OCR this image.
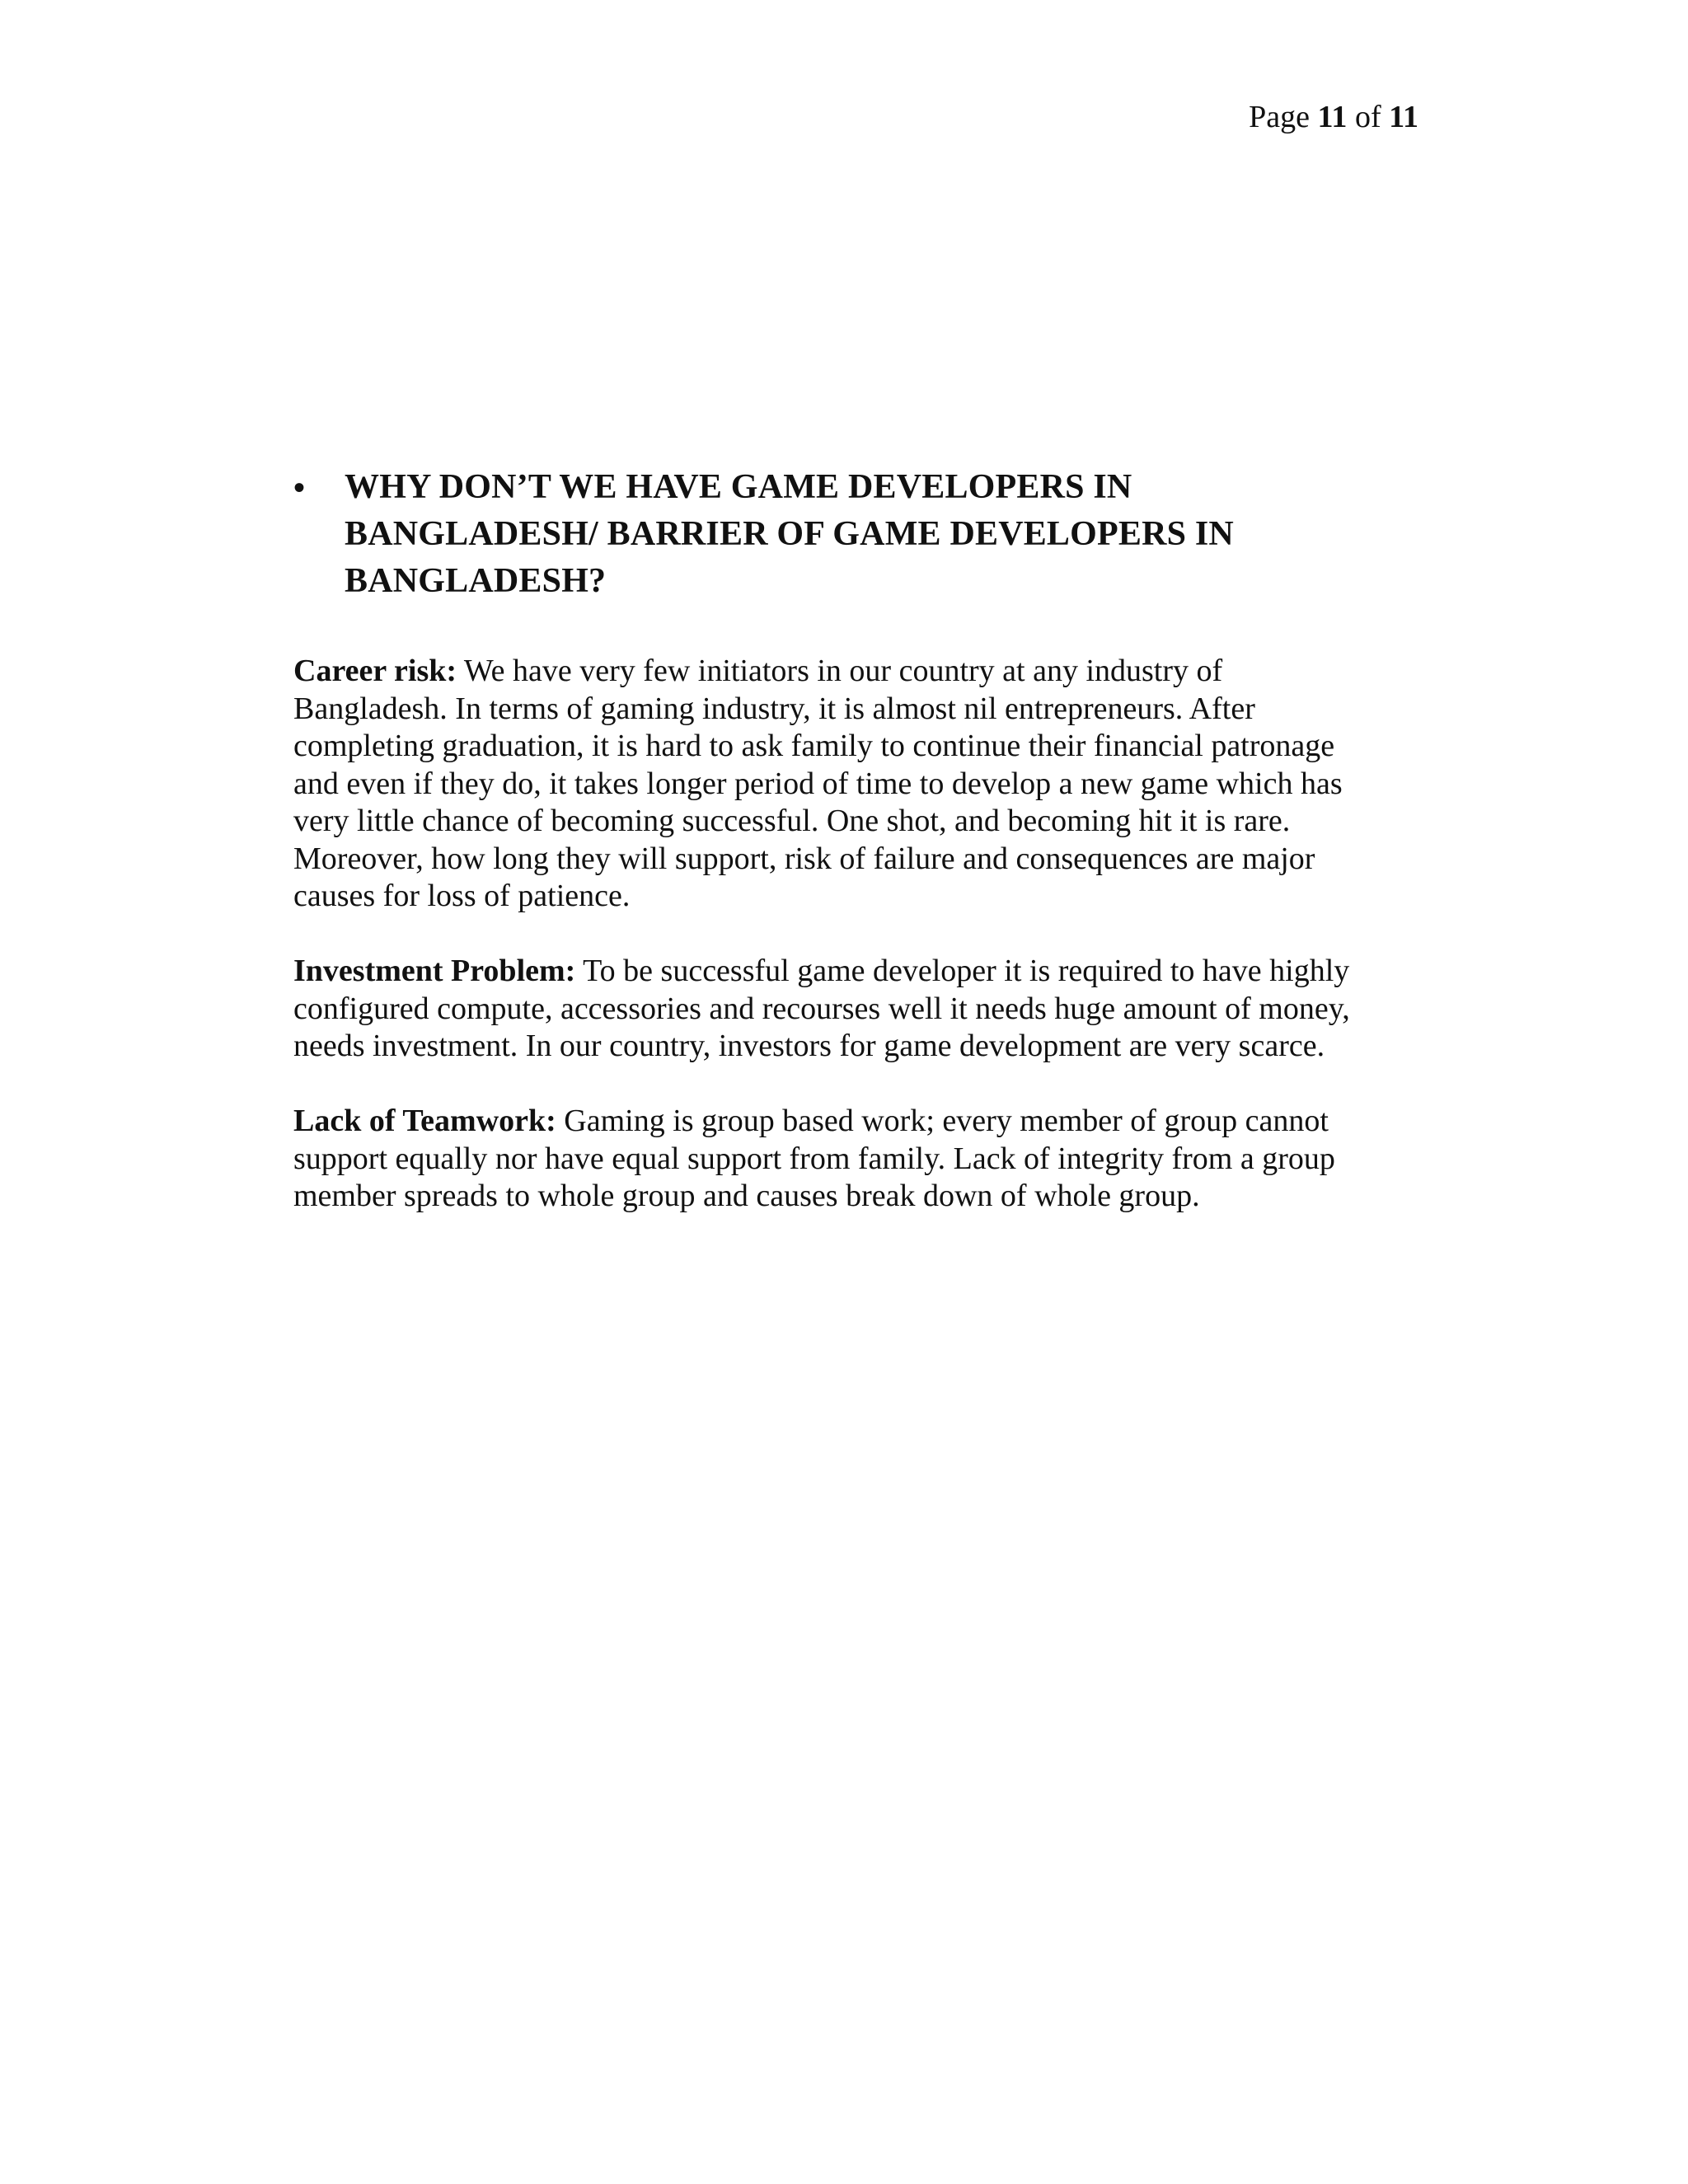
Page 11 of 11
•	WHY DON’T WE HAVE GAME DEVELOPERS IN
BANGLADESH/ BARRIER OF GAME DEVELOPERS IN
BANGLADESH?
Career risk: We have very few initiators in our country at any industry of
Bangladesh. In terms of gaming industry, it is almost nil entrepreneurs. After
completing graduation, it is hard to ask family to continue their financial patronage
and even if they do, it takes longer period of time to develop a new game which has
very little chance of becoming successful. One shot, and becoming hit it is rare.
Moreover, how long they will support, risk of failure and consequences are major
causes for loss of patience.
Investment Problem: To be successful game developer it is required to have highly
configured compute, accessories and recourses well it needs huge amount of money,
needs investment. In our country, investors for game development are very scarce.
Lack of Teamwork: Gaming is group based work; every member of group cannot
support equally nor have equal support from family. Lack of integrity from a group
member spreads to whole group and causes break down of whole group.
